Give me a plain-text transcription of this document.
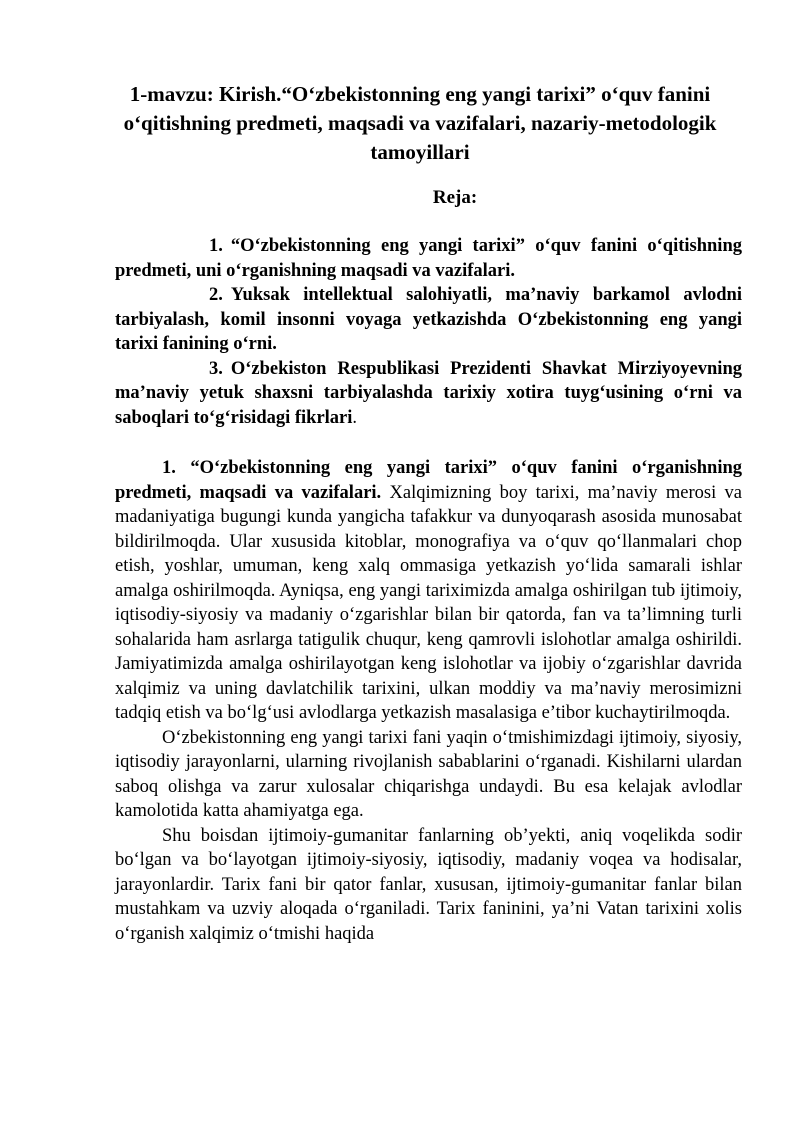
1-mavzu: Kirish.“O‘zbekistonning eng yangi tarixi” o‘quv fanini o‘qitishning predmeti, maqsadi va vazifalari, nazariy-metodologik tamoyillari
Reja:

1. “O‘zbekistonning eng yangi tarixi” o‘quv fanini o‘qitishning predmeti, uni o‘rganishning maqsadi va vazifalari.

2. Yuksak intellektual salohiyatli, ma’naviy barkamol avlodni tarbiyalash, komil insonni voyaga yetkazishda O‘zbekistonning eng yangi tarixi fanining o‘rni.

3. O‘zbekiston Respublikasi Prezidenti Shavkat Mirziyoyevning ma’naviy yetuk shaxsni tarbiyalashda tarixiy xotira tuyg‘usining o‘rni va saboqlari to‘g‘risidagi fikrlari.

1. “O‘zbekistonning eng yangi tarixi” o‘quv fanini o‘rganishning predmeti, maqsadi va vazifalari. Xalqimizning boy tarixi, ma’naviy merosi va madaniyatiga bugungi kunda yangicha tafakkur va dunyoqarash asosida munosabat bildirilmoqda. Ular xususida kitoblar, monografiya va o‘quv qo‘llanmalari chop etish, yoshlar, umuman, keng xalq ommasiga yetkazish yo‘lida samarali ishlar amalga oshirilmoqda. Ayniqsa, eng yangi tariximizda amalga oshirilgan tub ijtimoiy, iqtisodiy-siyosiy va madaniy o‘zgarishlar bilan bir qatorda, fan va ta’limning turli sohalarida ham asrlarga tatigulik chuqur, keng qamrovli islohotlar amalga oshirildi. Jamiyatimizda amalga oshirilayotgan keng islohotlar va ijobiy o‘zgarishlar davrida xalqimiz va uning davlatchilik tarixini, ulkan moddiy va ma’naviy merosimizni tadqiq etish va bo‘lg‘usi avlodlarga yetkazish masalasiga e’tibor kuchaytirilmoqda.

O‘zbekistonning eng yangi tarixi fani yaqin o‘tmishimizdagi ijtimoiy, siyosiy, iqtisodiy jarayonlarni, ularning rivojlanish sabablarini o‘rganadi. Kishilarni ulardan saboq olishga va zarur xulosalar chiqarishga undaydi. Bu esa kelajak avlodlar kamolotida katta ahamiyatga ega.

Shu boisdan ijtimoiy-gumanitar fanlarning ob’yekti, aniq voqelikda sodir bo‘lgan va bo‘layotgan ijtimoiy-siyosiy, iqtisodiy, madaniy voqea va hodisalar, jarayonlardir. Tarix fani bir qator fanlar, xususan, ijtimoiy-gumanitar fanlar bilan mustahkam va uzviy aloqada o‘rganiladi. Tarix faninini, ya’ni Vatan tarixini xolis o‘rganish xalqimiz o‘tmishi haqida
